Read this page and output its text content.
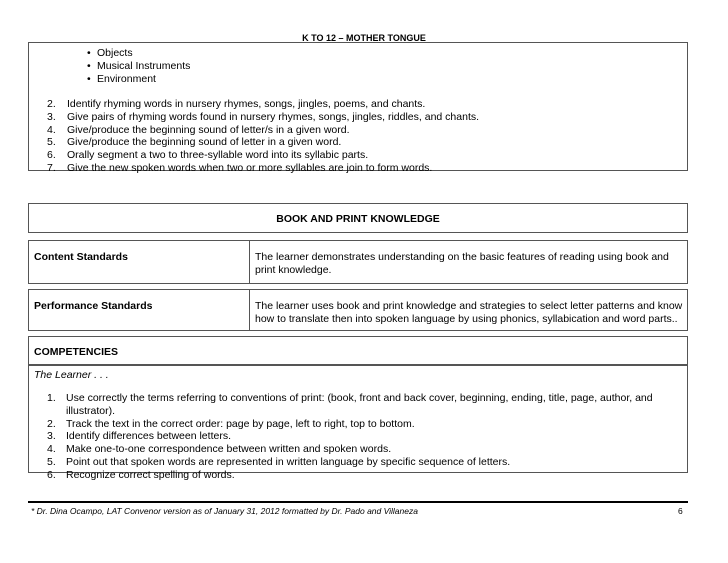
K TO 12 – MOTHER TONGUE
• Objects
• Musical Instruments
• Environment
2.	Identify rhyming words in nursery rhymes, songs, jingles, poems, and chants.
3.	Give pairs of rhyming words found in nursery rhymes, songs, jingles, riddles, and chants.
4.	Give/produce the beginning sound of letter/s in a given word.
5.	Give/produce the beginning sound of letter in a given word.
6.	Orally segment a two to three-syllable word into its syllabic parts.
7.	Give the new spoken words when two or more syllables are join to form words.
BOOK AND PRINT KNOWLEDGE
Content Standards	The learner demonstrates understanding on the basic features of reading using book and print knowledge.
Performance Standards	The learner uses book and print knowledge and strategies to select letter patterns and know how to translate then into spoken language by using phonics, syllabication and word parts..
COMPETENCIES
The Learner . . .
1. Use correctly the terms referring to conventions of print: (book, front and back cover, beginning, ending, title, page, author, and illustrator).
2. Track the text in the correct order: page by page, left to right, top to bottom.
3. Identify differences between letters.
4. Make one-to-one correspondence between written and spoken words.
5. Point out that spoken words are represented in written language by specific sequence of letters.
6. Recognize correct spelling of words.
* Dr. Dina Ocampo, LAT Convenor version as of January 31, 2012 formatted by Dr. Pado and Villaneza	6
